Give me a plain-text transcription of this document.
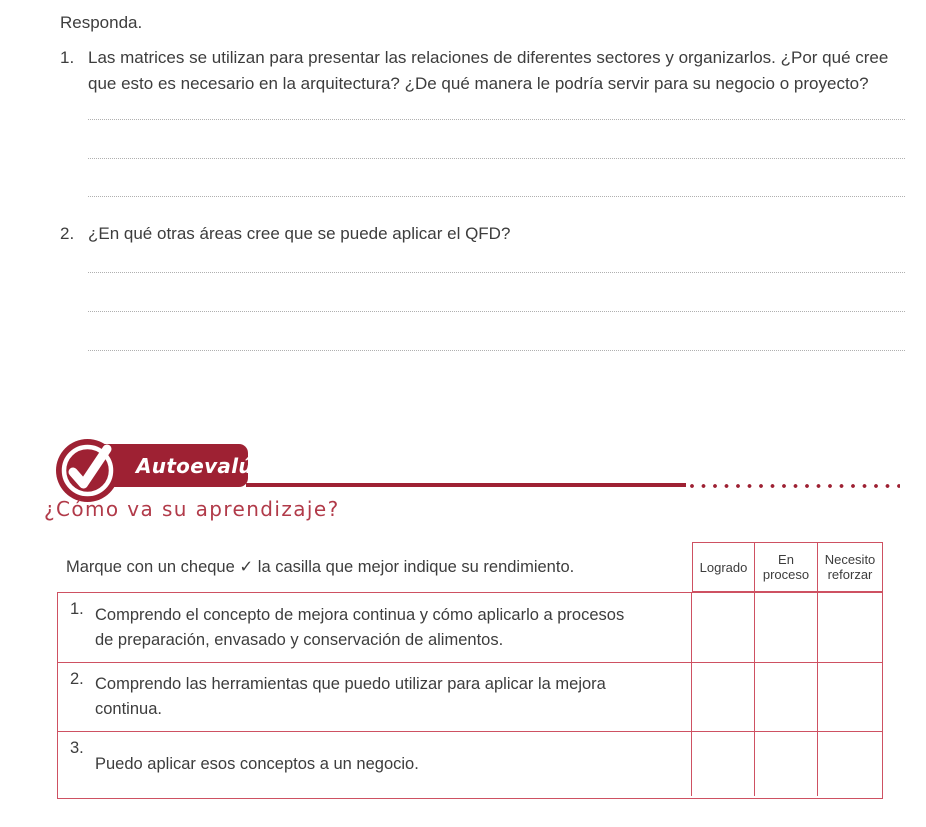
Responda.
1. Las matrices se utilizan para presentar las relaciones de diferentes sectores y organizarlos. ¿Por qué cree que esto es necesario en la arquitectura? ¿De qué manera le podría servir para su negocio o proyecto?
2. ¿En qué otras áreas cree que se puede aplicar el QFD?
Autoevalúese
¿Cómo va su aprendizaje?
Marque con un cheque ✓ la casilla que mejor indique su rendimiento.	Logrado	En proceso
Necesito reforzar
1. Comprendo el concepto de mejora continua y cómo aplicarlo a procesos de preparación, envasado y conservación de alimentos.
2. Comprendo las herramientas que puedo utilizar para aplicar la mejora continua.
3.
Puedo aplicar esos conceptos a un negocio.
